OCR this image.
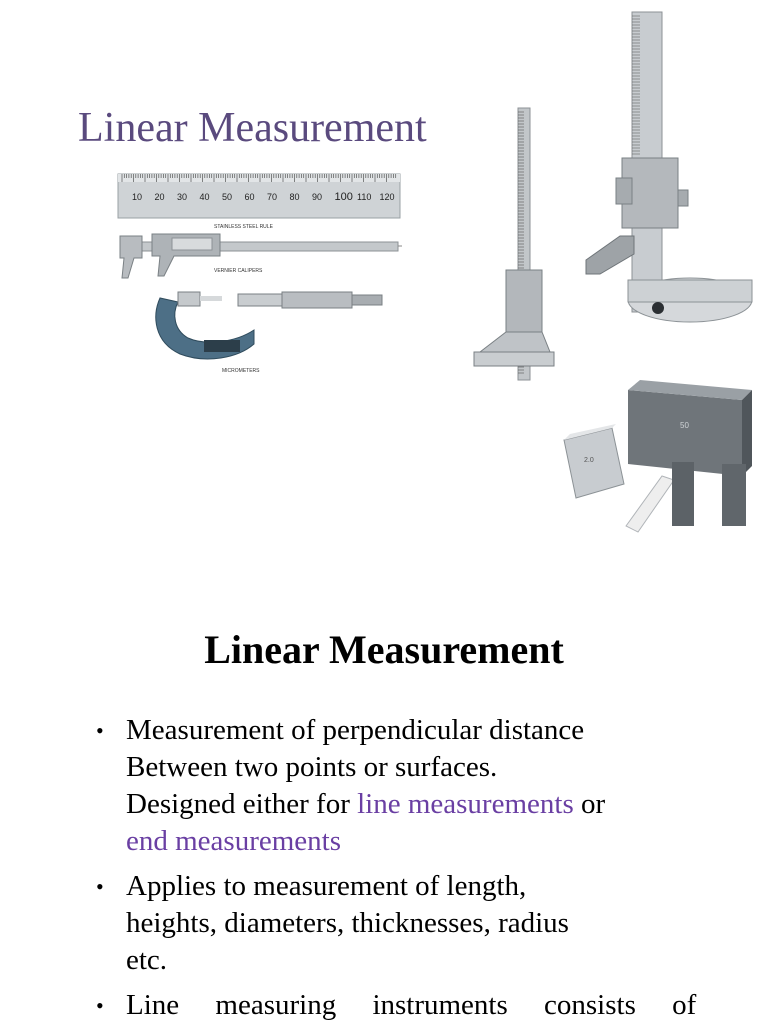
Linear Measurement
10 20 30 40 50 60 70 80 90 100 110 120
STAINLESS STEEL RULE
VERNIER CALIPERS
MICROMETERS
50
2.0
Linear Measurement
• Measurement of perpendicular distance
Between two points or surfaces.
Designed either for line measurements or
end measurements
• Applies to measurement of length,
heights, diameters, thicknesses, radius
etc.
• Line     measuring     instruments     consists     of
